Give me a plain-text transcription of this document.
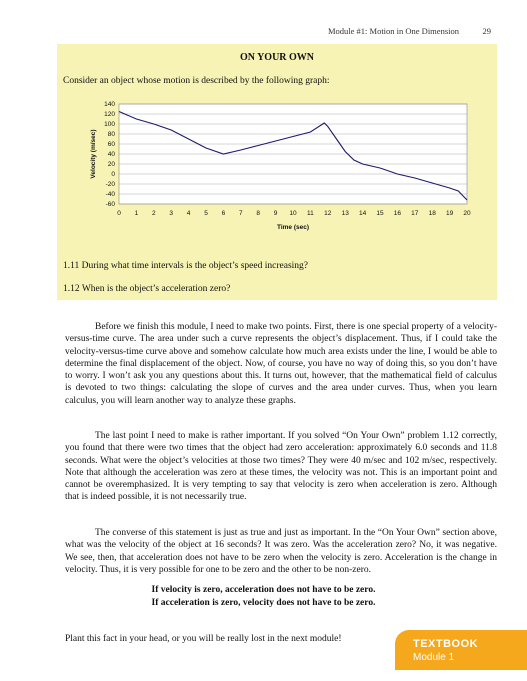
Module #1: Motion in One Dimension	29
ON YOUR OWN
Consider an object whose motion is described by the following graph:
140
120
100
80
60
40
20
0
-20
-40
-60
0 1 2 3 4 5 6 7 8 9 10 11 12 13 14 15 16 17 18 19 20
Time (sec)
Velocity (m/sec)
1.11 During what time intervals is the object’s speed increasing?
1.12 When is the object’s acceleration zero?

Before we finish this module, I need to make two points. First, there is one special property of a velocity-versus-time curve. The area under such a curve represents the object’s displacement. Thus, if I could take the velocity-versus-time curve above and somehow calculate how much area exists under the line, I would be able to determine the final displacement of the object. Now, of course, you have no way of doing this, so you don’t have to worry. I won’t ask you any questions about this. It turns out, however, that the mathematical field of calculus is devoted to two things: calculating the slope of curves and the area under curves. Thus, when you learn calculus, you will learn another way to analyze these graphs.

The last point I need to make is rather important. If you solved “On Your Own” problem 1.12 correctly, you found that there were two times that the object had zero acceleration: approximately 6.0 seconds and 11.8 seconds. What were the object’s velocities at those two times? They were 40 m/sec and 102 m/sec, respectively. Note that although the acceleration was zero at these times, the velocity was not. This is an important point and cannot be overemphasized. It is very tempting to say that velocity is zero when acceleration is zero. Although that is indeed possible, it is not necessarily true.

The converse of this statement is just as true and just as important. In the “On Your Own” section above, what was the velocity of the object at 16 seconds? It was zero. Was the acceleration zero? No, it was negative. We see, then, that acceleration does not have to be zero when the velocity is zero. Acceleration is the change in velocity. Thus, it is very possible for one to be zero and the other to be non-zero.

If velocity is zero, acceleration does not have to be zero.
If acceleration is zero, velocity does not have to be zero.
Plant this fact in your head, or you will be really lost in the next module!	TEXTBOOK
Module 1
